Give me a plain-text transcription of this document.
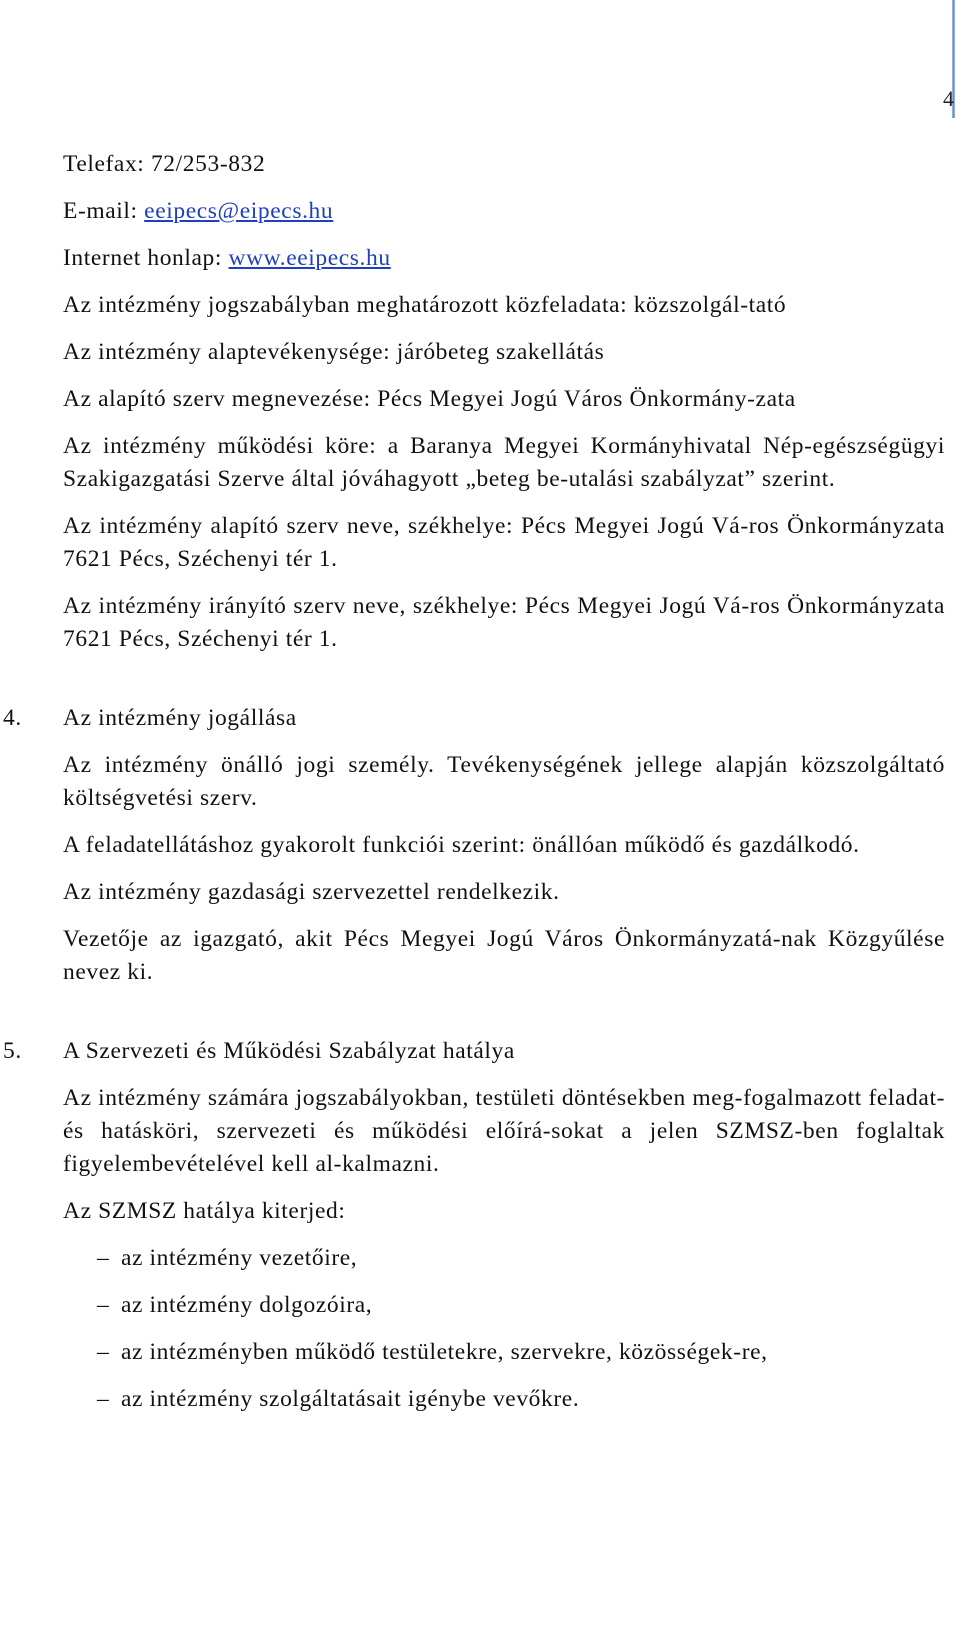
4

Telefax: 72/253-832

E-mail: eeipecs@eipecs.hu

Internet honlap: www.eeipecs.hu

Az intézmény jogszabályban meghatározott közfeladata: közszolgál-tató

Az intézmény alaptevékenysége: járóbeteg szakellátás

Az alapító szerv megnevezése: Pécs Megyei Jogú Város Önkormány-zata

Az intézmény működési köre: a Baranya Megyei Kormányhivatal Nép-egészségügyi Szakigazgatási Szerve által jóváhagyott „beteg be-utalási szabályzat” szerint.

Az intézmény alapító szerv neve, székhelye: Pécs Megyei Jogú Vá-ros Önkormányzata 7621 Pécs, Széchenyi tér 1.

Az intézmény irányító szerv neve, székhelye: Pécs Megyei Jogú Vá-ros Önkormányzata 7621 Pécs, Széchenyi tér 1.

4. Az intézmény jogállása

Az intézmény önálló jogi személy. Tevékenységének jellege alapján közszolgáltató költségvetési szerv.

A feladatellátáshoz gyakorolt funkciói szerint: önállóan működő és gazdálkodó.

Az intézmény gazdasági szervezettel rendelkezik.

Vezetője az igazgató, akit Pécs Megyei Jogú Város Önkormányzatá-nak Közgyűlése nevez ki.

5. A Szervezeti és Működési Szabályzat hatálya

Az intézmény számára jogszabályokban, testületi döntésekben meg-fogalmazott feladat- és hatásköri, szervezeti és működési előírá-sokat a jelen SZMSZ-ben foglaltak figyelembevételével kell al-kalmazni.

Az SZMSZ hatálya kiterjed:

– az intézmény vezetőire,
– az intézmény dolgozóira,
– az intézményben működő testületekre, szervekre, közösségek-re,
– az intézmény szolgáltatásait igénybe vevőkre.
